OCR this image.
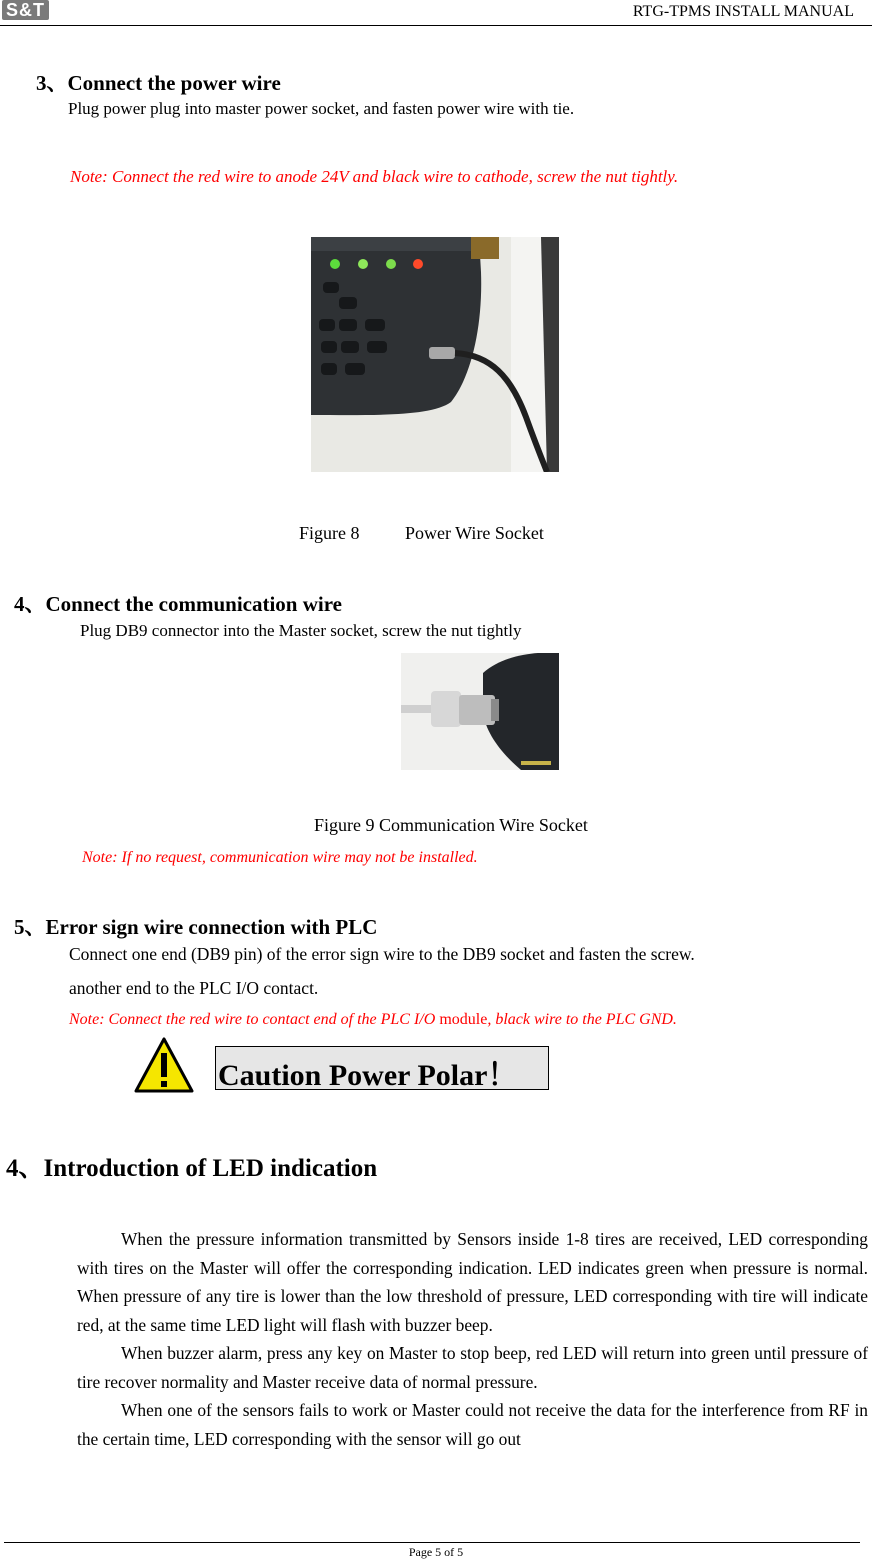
S&T	RTG-TPMS INSTALL MANUAL
3、Connect the power wire
Plug power plug into master power socket, and fasten power wire with tie.
Note: Connect the red wire to anode 24V and black wire to cathode, screw the nut tightly.
Figure 8	Power Wire Socket
4、Connect the communication wire
Plug DB9 connector into the Master socket, screw the nut tightly
Figure 9 Communication Wire Socket
Note: If no request, communication wire may not be installed.
5、Error sign wire connection with PLC
Connect one end (DB9 pin) of the error sign wire to the DB9 socket and fasten the screw.
another end to the PLC I/O contact.
Note: Connect the red wire to contact end of the PLC I/O module, black wire to the PLC GND.
Caution Power Polar！
4、Introduction of LED indication

When the pressure information transmitted by Sensors inside 1-8 tires are received, LED corresponding with tires on the Master will offer the corresponding indication. LED indicates green when pressure is normal. When pressure of any tire is lower than the low threshold of pressure, LED corresponding with tire will indicate red, at the same time LED light will flash with buzzer beep.

When buzzer alarm, press any key on Master to stop beep, red LED will return into green until pressure of tire recover normality and Master receive data of normal pressure.

When one of the sensors fails to work or Master could not receive the data for the interference from RF in the certain time, LED corresponding with the sensor will go out

Page 5 of 5
